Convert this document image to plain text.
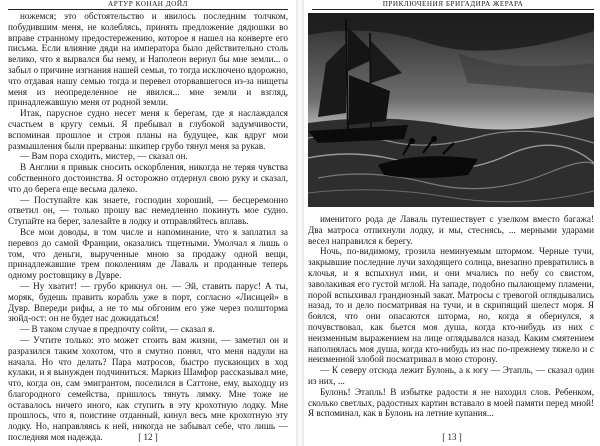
АРТУР КОНАН ДОЙЛ

ножемся; это обстоятельство и явилось последним толчком, побудившим меня, не колеблясь, принять предложение дядюшки во вправе странному предостережению, которое я нашел на конверте его письма. Если влияние дяди на императора было действительно столь велико, что я вырвался бы нему, и Наполеон вернул бы мне земли... о забыл о причине изгнания нашей семьи, то тогда исключено вдорожно, что отдавая нашу семью тогда и перевел оторвавшегося из-за нищеты меня из неопределенное не явился... мне земли и взгляд, принадлежавшую меня от родной земли.

Итак, парусное судно несет меня к берегам, где я наслаждался счастьем в кругу семьи. Я пребывал в глубокой задумчивости, вспоминая прошлое и строя планы на будущее, как вдруг мои размышления были прерваны: шкипер грубо тянул меня за рукав.

— Вам пора сходить, мистер, — сказал он.

В Англии я привык сносить оскорбления, никогда не теряя чувства собственного достоинства. Я осторожно отдернул свою руку и сказал, что до берега еще весьма далеко.

— Поступайте как знаете, господин хороший, — бесцеремонно ответил он, — только прошу вас немедленно покинуть мое судно. Ступайте на берег, залезайте в лодку и отправляйтесь вплавь.

Все мои доводы, в том числе и напоминание, что я заплатил за перевоз до самой Франции, оказались тщетными. Умолчал я лишь о том, что деньги, вырученные мною за продажу одной вещи, принадлежавшие трем поколениям де Лаваль и проданные теперь одному ростовщику в Дувре.

— Ну хватит! — грубо крикнул он. — Эй, ставить парус! А ты, моряк, будешь править корабль уже в порт, согласно «Лисицей» в Дувр. Впереди рифы, а не то мы обгоним его уже через полшторма зюйд-ост: он не будет нас дожидаться!

— В таком случае я предпочту сойти, — сказал я.

— Учтите только: это может стоить вам жизни, — заметил он и разразился таким хохотом, что я смутно понял, что меня надули на начала. Но что делать? Пара матросов, быстро пускающих в ход кулаки, и я вынужден подчиниться. Маркиз Шамфор рассказывал мне, что, когда он, сам эмигрантом, поселился в Саттоне, ему, выходцу из благородного семейства, пришлось тянуть лямку. Мне тоже не оставалось ничего иного, как ступить в эту крохотную лодку. Мне прошлось, что я, поистине отданный, кинул весь мне крохотную эту лодку. Но, направляясь к ней, никогда не забывал себе, что лишь — последняя моя надежда.	[ 12 ]
ПРИКЛЮЧЕНИЯ БРИГАДИРА ЖЕРАРА

именитого рода де Лаваль путешествует с узелком вместо багажа! Два матроса отпихнули лодку, и мы, стеснясь, ... мерными ударами весел направился к берегу.

Ночь, по-видимому, грозила неминуемым штормом. Черные тучи, закрывшие последние лучи заходящего солнца, внезапно превратились в клочья, и я вспыхнул ими, и они мчались по небу со свистом, заволакивая его густой мглой. На западе, подобно пылающему пламени, порой вспыхивал грандиозный закат. Матросы с тревогой оглядывались назад, то и дело посматривая на тучи, и в скрипящий шелест моря. Я боялся, что они опасаются шторма, но, когда я обернулся, я почувствовал, как бьется моя душа, когда кто-нибудь из них с неизменным выражением на лице оглядывался назад. Каким смятением наполнялась моя душа, когда кто-нибудь из нас по-прежнему тяжело и с неизменной злобой посматривал в мою сторону.

— К северу отсюда лежит Булонь, а к югу — Этапль, — сказал один из них, ...

Булонь! Этапль! В избытке радости я не находил слов. Ребенком, сколько светлых, радостных картин вставало в моей памяти перед мной! Я вспоминал, как в Булонь на летние купания...

[ 13 ]
